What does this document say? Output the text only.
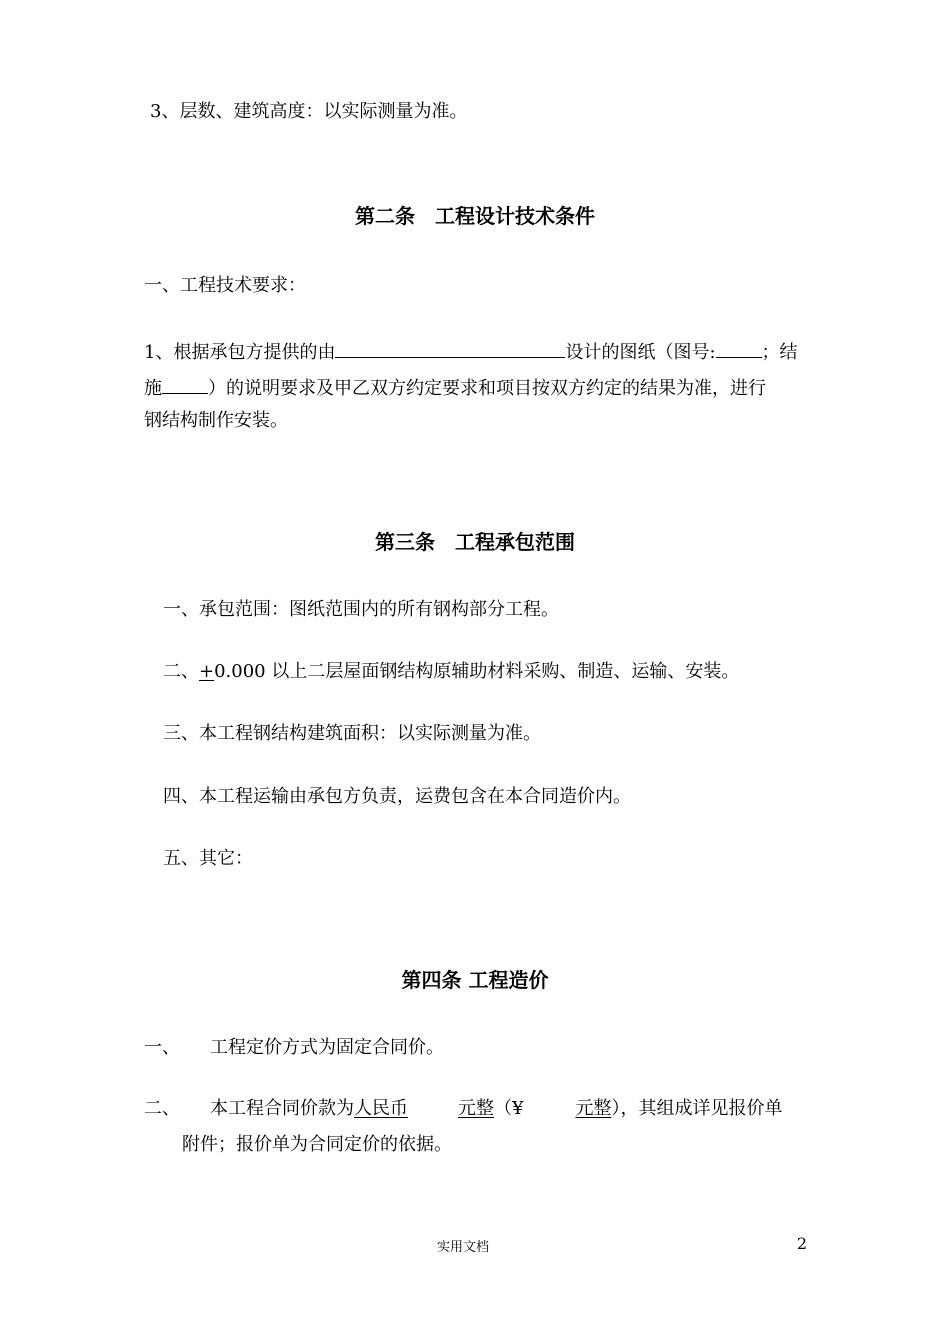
3、层数、建筑高度：以实际测量为准。
第二条　工程设计技术条件
一、工程技术要求：
1、根据承包方提供的由	设计的图纸（图号:	；结
施	）的说明要求及甲乙双方约定要求和项目按双方约定的结果为准，进行
钢结构制作安装。
第三条　工程承包范围
一、承包范围：图纸范围内的所有钢构部分工程。
二、+0.000 以上二层屋面钢结构原辅助材料采购、制造、运输、安装。
三、本工程钢结构建筑面积：以实际测量为准。
四、本工程运输由承包方负责，运费包含在本合同造价内。
五、其它：
第四条 工程造价
一、 工程定价方式为固定合同价。
二、 本工程合同价款为人民币	元整（¥	元整），其组成详见报价单
附件；报价单为合同定价的依据。
实用文档	2
